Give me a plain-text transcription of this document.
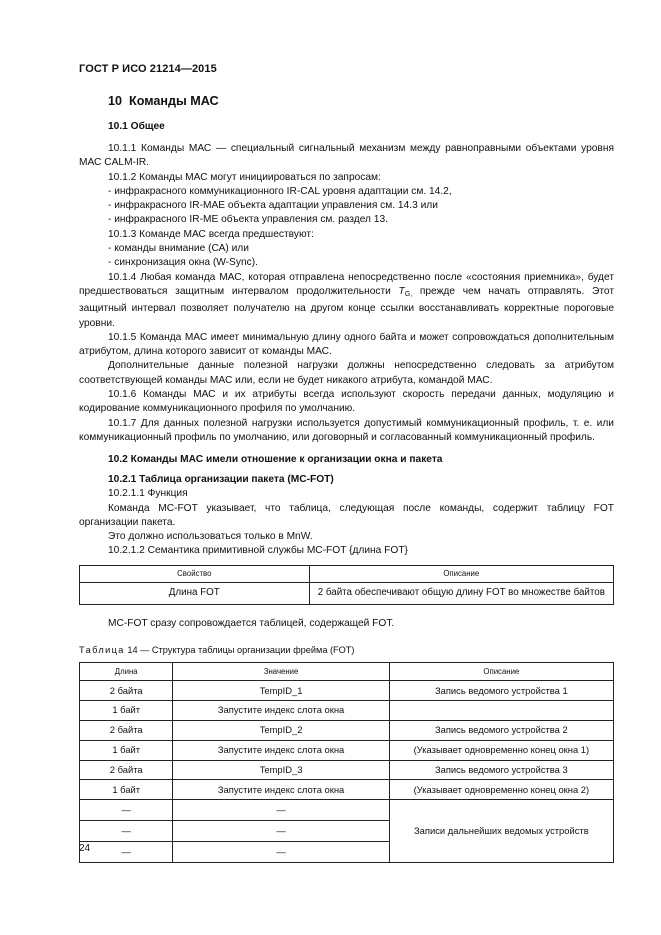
ГОСТ Р ИСО 21214—2015
10 Команды МАС
10.1 Общее

10.1.1 Команды МАС — специальный сигнальный механизм между равноправными объектами уровня МАС CALM-IR.

10.1.2 Команды МАС могут инициироваться по запросам:

- инфракрасного коммуникационного IR-CAL уровня адаптации см. 14.2,

- инфракрасного IR-MAE объекта адаптации управления см. 14.3 или

- инфракрасного IR-ME объекта управления см. раздел 13.

10.1.3 Команде МАС всегда предшествуют:

- команды внимание (СА) или

- синхронизация окна (W-Sync).

10.1.4 Любая команда МАС, которая отправлена непосредственно после «состояния приемника», будет предшествоваться защитным интервалом продолжительности $T_{G,}$ прежде чем начать отправлять. Этот защитный интервал позволяет получателю на другом конце ссылки восстанавливать корректные пороговые уровни.

10.1.5 Команда МАС имеет минимальную длину одного байта и может сопровождаться дополнительным атрибутом, длина которого зависит от команды МАС.

Дополнительные данные полезной нагрузки должны непосредственно следовать за атрибутом соответствующей команды МАС или, если не будет никакого атрибута, командой МАС.

10.1.6 Команды МАС и их атрибуты всегда используют скорость передачи данных, модуляцию и кодирование коммуникационного профиля по умолчанию.

10.1.7 Для данных полезной нагрузки используется допустимый коммуникационный профиль, т. е. или коммуникационный профиль по умолчанию, или договорный и согласованный коммуникационный профиль.

10.2 Команды МАС имели отношение к организации окна и пакета
10.2.1 Таблица организации пакета (MC-FOT)

10.2.1.1 Функция

Команда MC-FOT указывает, что таблица, следующая после команды, содержит таблицу FOT организации пакета.

Это должно использоваться только в MnW.

10.2.1.2 Семантика примитивной службы MC-FOT {длина FOT}

Свойство	Описание
Длина FOT	2 байта обеспечивают общую длину FOT во множестве байтов

MC-FOT сразу сопровождается таблицей, содержащей FOT.

Таблица 14 — Структура таблицы организации фрейма (FOT)
Длина	Значение	Описание
2 байта	TempID_1	Запись ведомого устройства 1
1 байт	Запустите индекс слота окна	
2 байта	TempID_2	Запись ведомого устройства 2
1 байт	Запустите индекс слота окна	(Указывает одновременно конец окна 1)
2 байта	TempID_3	Запись ведомого устройства 3
1 байт	Запустите индекс слота окна	(Указывает одновременно конец окна 2)
—	—	Записи дальнейших ведомых устройств
—	—	
—	—	
24
